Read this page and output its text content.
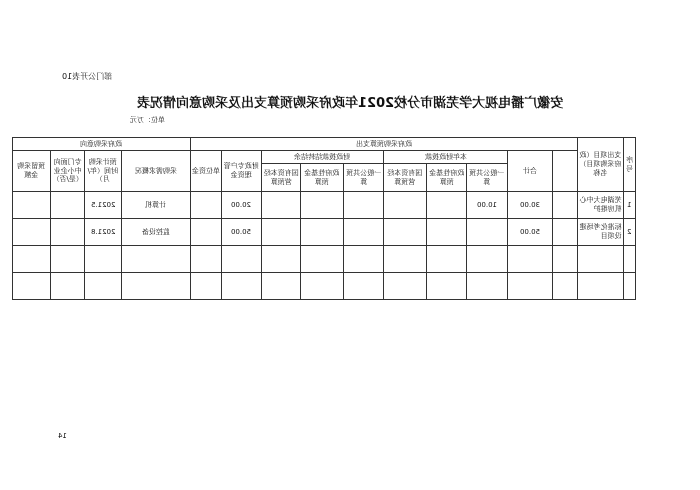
部门公开表10
安徽广播电视大学芜湖市分校2021年政府采购预算支出及采购意向情况表
单位：万元
政府采购意向				政府采购预算支出										支出项目（政府采购项目）名称	序号
预留采购金额	专门面向中小企业（是/否）	预计采购时间（年/月）	采购需求概况	单位资金	财政专户管理资金	财政拨款结转结余			本年财政拨款			合计			
						国有资本经营预算	政府性基金预算	一般公共预算	国有资本经营预算	政府性基金预算	一般公共预算				
		2021.5	计算机		20.00						10.00	30.00		芜湖电大中心机房维护	1
		2021.8	监控设备		50.00							50.00		标准化考场建设项目	2

14
